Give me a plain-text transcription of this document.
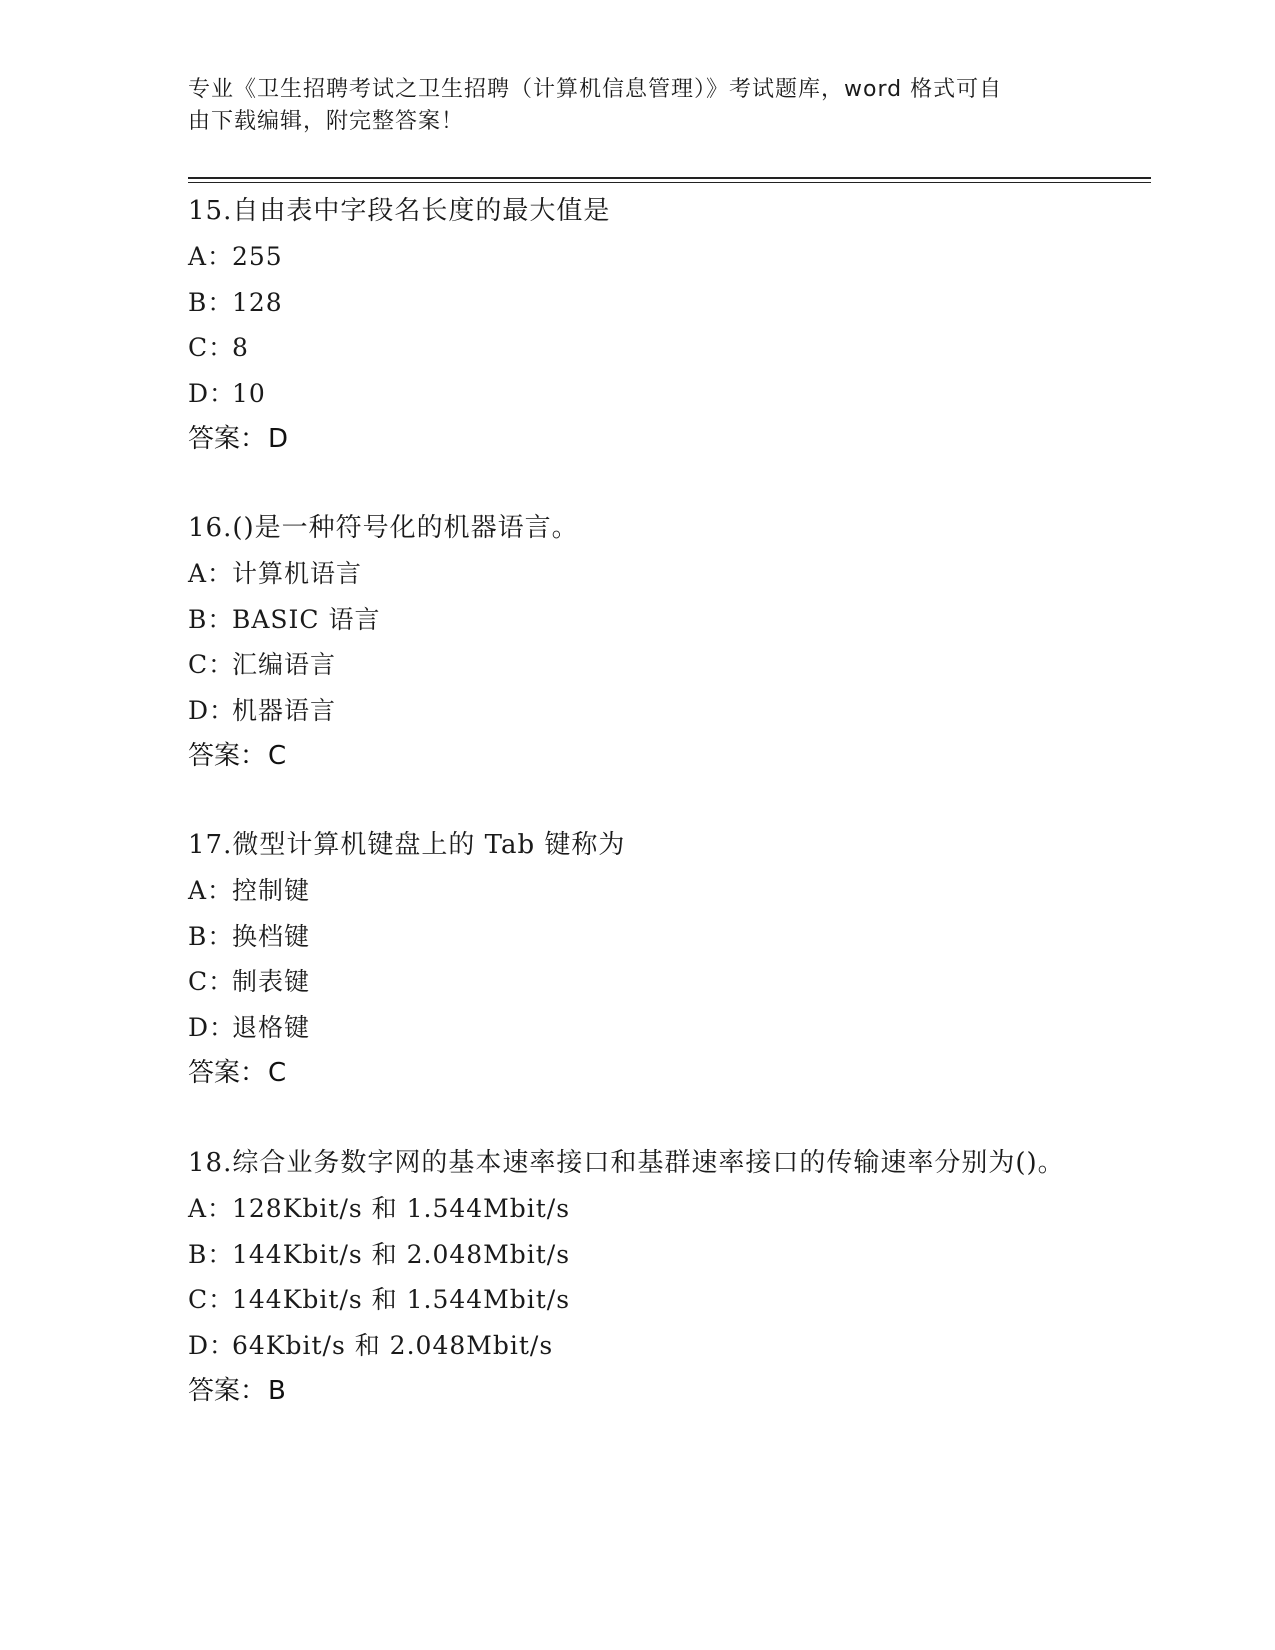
专业《卫生招聘考试之卫生招聘（计算机信息管理）》考试题库，word 格式可自
由下载编辑，附完整答案！
15.自由表中字段名长度的最大值是
A：255
B：128
C：8
D：10
答案：D
16.()是一种符号化的机器语言。
A：计算机语言
B：BASIC 语言
C：汇编语言
D：机器语言
答案：C
17.微型计算机键盘上的 Tab 键称为
A：控制键
B：换档键
C：制表键
D：退格键
答案：C
18.综合业务数字网的基本速率接口和基群速率接口的传输速率分别为()。
A：128Kbit/s 和 1.544Mbit/s
B：144Kbit/s 和 2.048Mbit/s
C：144Kbit/s 和 1.544Mbit/s
D：64Kbit/s 和 2.048Mbit/s
答案：B
